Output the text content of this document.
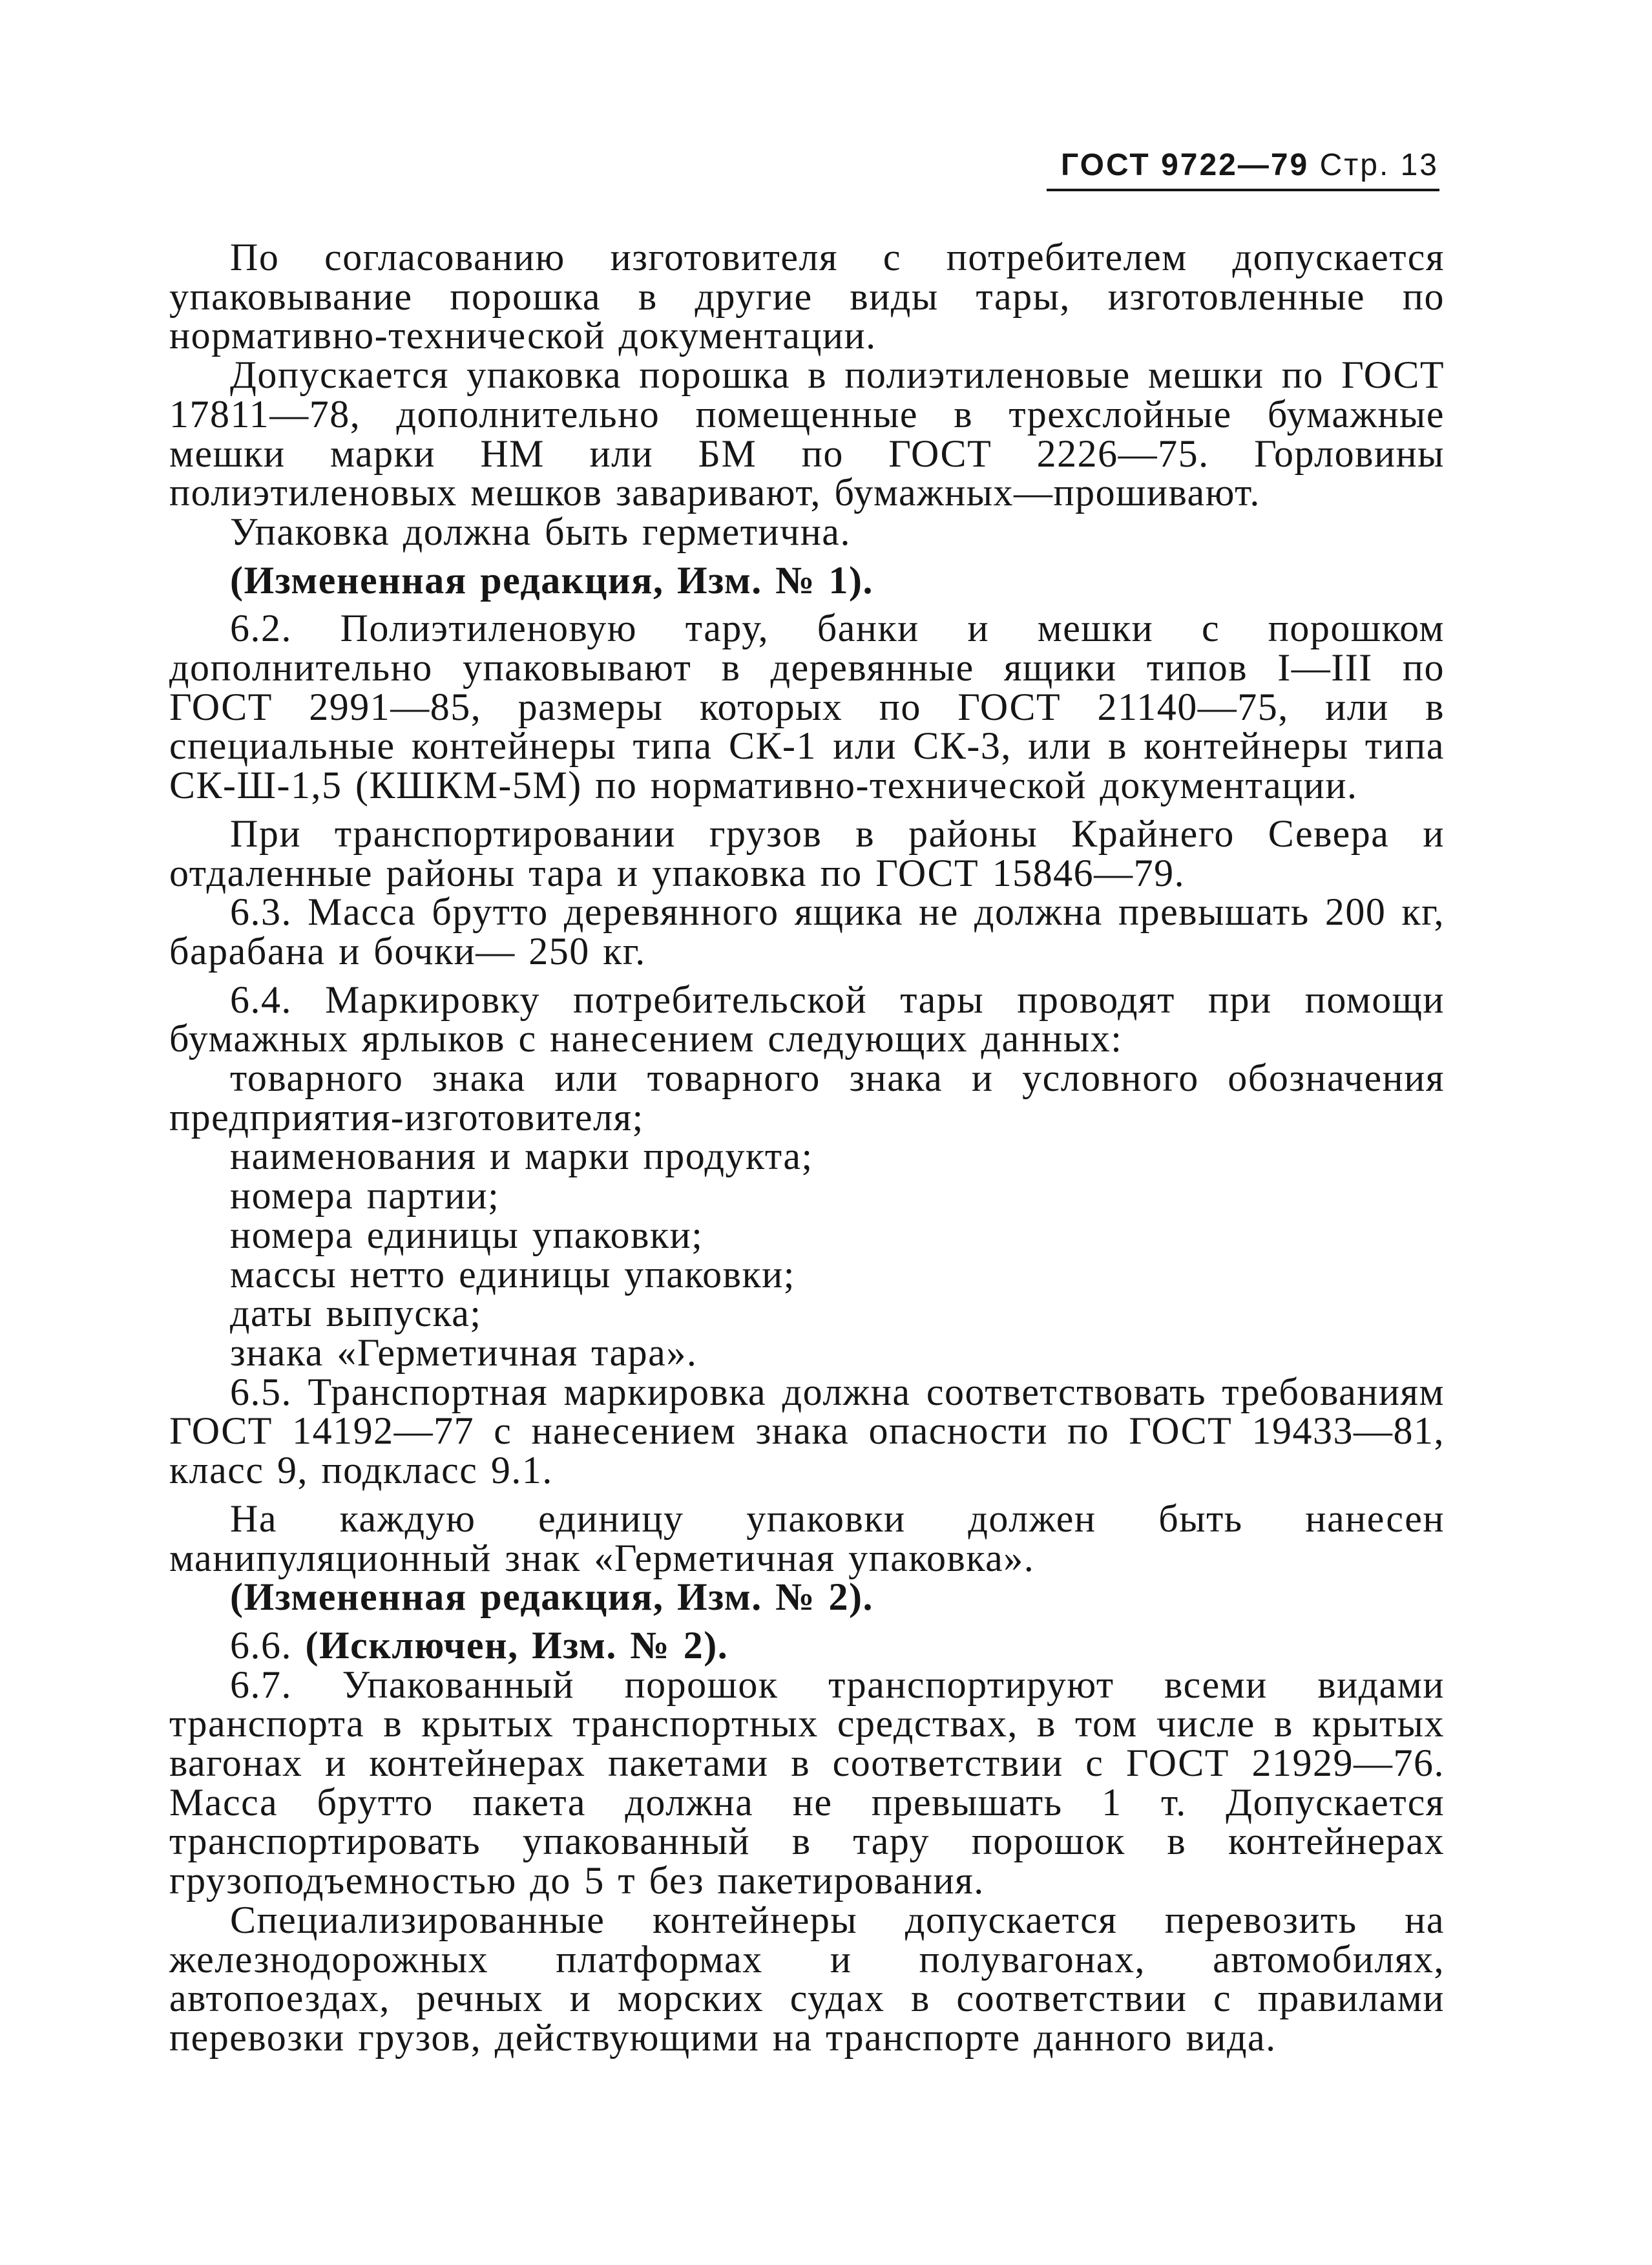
ГОСТ 9722—79 Стр. 13

По согласованию изготовителя с потребителем допускается упаковывание порошка в другие виды тары, изготовленные по нормативно-технической документации.

Допускается упаковка порошка в полиэтиленовые мешки по ГОСТ 17811—78, дополнительно помещенные в трехслойные бумажные мешки марки НМ или БМ по ГОСТ 2226—75. Горловины полиэтиленовых мешков заваривают, бумажных—прошивают.

Упаковка должна быть герметична.

(Измененная редакция, Изм. № 1).

6.2. Полиэтиленовую тару, банки и мешки с порошком дополнительно упаковывают в деревянные ящики типов I—III по ГОСТ 2991—85, размеры которых по ГОСТ 21140—75, или в специальные контейнеры типа СК-1 или СК-3, или в контейнеры типа СК-Ш-1,5 (КШКМ-5М) по нормативно-технической документации.

При транспортировании грузов в районы Крайнего Севера и отдаленные районы тара и упаковка по ГОСТ 15846—79.

6.3. Масса брутто деревянного ящика не должна превышать 200 кг, барабана и бочки— 250 кг.

6.4. Маркировку потребительской тары проводят при помощи бумажных ярлыков с нанесением следующих данных:

товарного знака или товарного знака и условного обозначения предприятия-изготовителя;

наименования и марки продукта;

номера партии;

номера единицы упаковки;

массы нетто единицы упаковки;

даты выпуска;

знака «Герметичная тара».

6.5. Транспортная маркировка должна соответствовать требованиям ГОСТ 14192—77 с нанесением знака опасности по ГОСТ 19433—81, класс 9, подкласс 9.1.

На каждую единицу упаковки должен быть нанесен манипуляционный знак «Герметичная упаковка».

(Измененная редакция, Изм. № 2).

6.6. (Исключен, Изм. № 2).

6.7. Упакованный порошок транспортируют всеми видами транспорта в крытых транспортных средствах, в том числе в крытых вагонах и контейнерах пакетами в соответствии с ГОСТ 21929—76. Масса брутто пакета должна не превышать 1 т. Допускается транспортировать упакованный в тару порошок в контейнерах грузоподъемностью до 5 т без пакетирования.

Специализированные контейнеры допускается перевозить на железнодорожных платформах и полувагонах, автомобилях, автопоездах, речных и морских судах в соответствии с правилами перевозки грузов, действующими на транспорте данного вида.
